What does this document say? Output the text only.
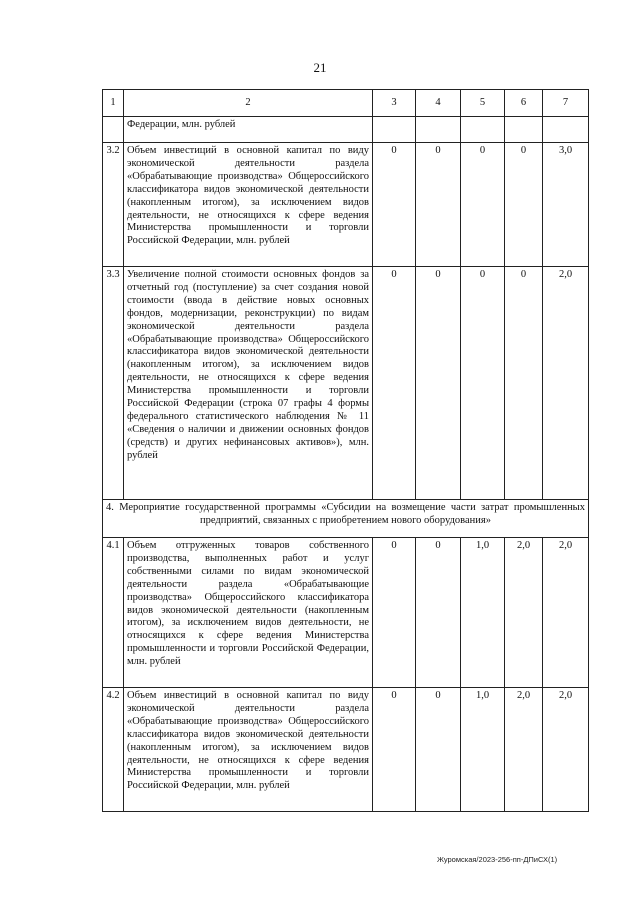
21
1	2	3	4	5	6	7
	Федерации, млн. рублей					
3.2	Объем инвестиций в основной капитал по виду экономической деятельности раздела «Обрабатывающие производства» Общероссийского классификатора видов экономической деятельности (накопленным итогом), за исключением видов деятельности, не относящихся к сфере ведения Министерства промышленности и торговли Российской Федерации, млн. рублей	0	0	0	0	3,0
3.3	Увеличение полной стоимости основных фондов за отчетный год (поступление) за счет создания новой стоимости (ввода в действие новых основных фондов, модернизации, реконструкции) по видам экономической деятельности раздела «Обрабатывающие производства» Общероссийского классификатора видов экономической деятельности (накопленным итогом), за исключением видов деятельности, не относящихся к сфере ведения Министерства промышленности и торговли Российской Федерации (строка 07 графы 4 формы федерального статистического наблюдения № 11 «Сведения о наличии и движении основных фондов (средств) и других нефинансовых активов»), млн. рублей	0	0	0	0	2,0
4. Мероприятие государственной программы «Субсидии на возмещение части затрат промышленных предприятий, связанных с приобретением нового оборудования»						
4.1	Объем отгруженных товаров собственного производства, выполненных работ и услуг собственными силами по видам экономической деятельности раздела «Обрабатывающие производства» Общероссийского классификатора видов экономической деятельности (накопленным итогом), за исключением видов деятельности, не относящихся к сфере ведения Министерства промышленности и торговли Российской Федерации, млн. рублей	0	0	1,0	2,0	2,0
4.2	Объем инвестиций в основной капитал по виду экономической деятельности раздела «Обрабатывающие производства» Общероссийского классификатора видов экономической деятельности (накопленным итогом), за исключением видов деятельности, не относящихся к сфере ведения Министерства промышленности и торговли Российской Федерации, млн. рублей	0	0	1,0	2,0	2,0
Журомская/2023-256-пп-ДПиСХ(1)
